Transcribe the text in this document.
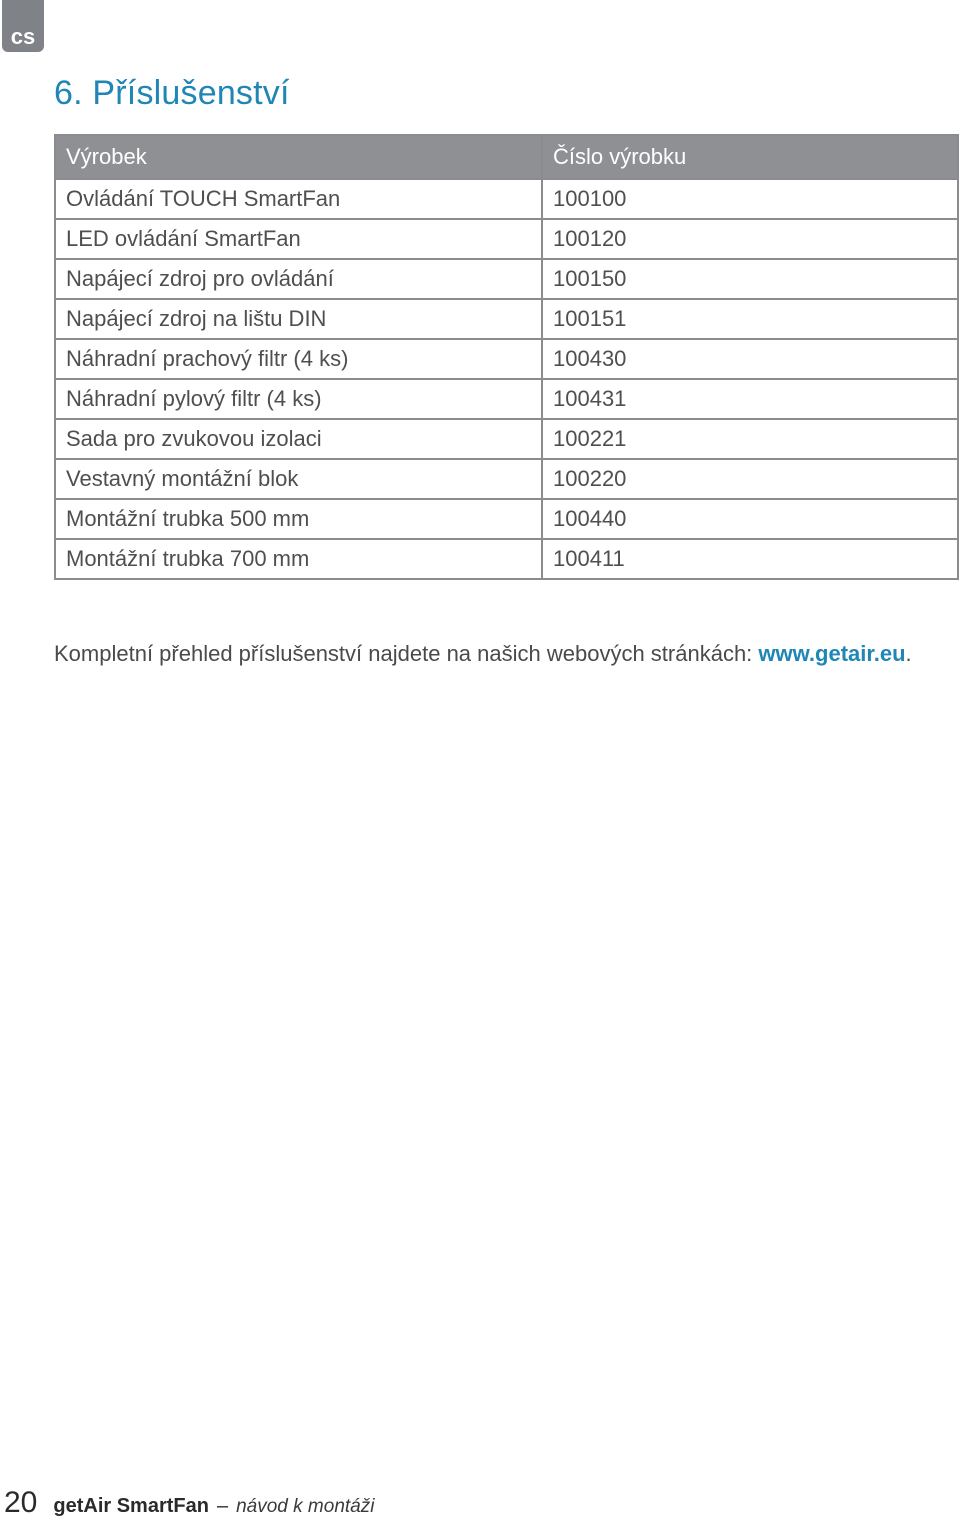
cs
6. Příslušenství
Výrobek	Číslo výrobku
Ovládání TOUCH SmartFan	100100
LED ovládání SmartFan	100120
Napájecí zdroj pro ovládání	100150
Napájecí zdroj na lištu DIN	100151
Náhradní prachový filtr (4 ks)	100430
Náhradní pylový filtr (4 ks)	100431
Sada pro zvukovou izolaci	100221
Vestavný montážní blok	100220
Montážní trubka 500 mm	100440
Montážní trubka 700 mm	100411

Kompletní přehled příslušenství najdete na našich webových stránkách: www.getair.eu.

20 getAir SmartFan – návod k montáži
